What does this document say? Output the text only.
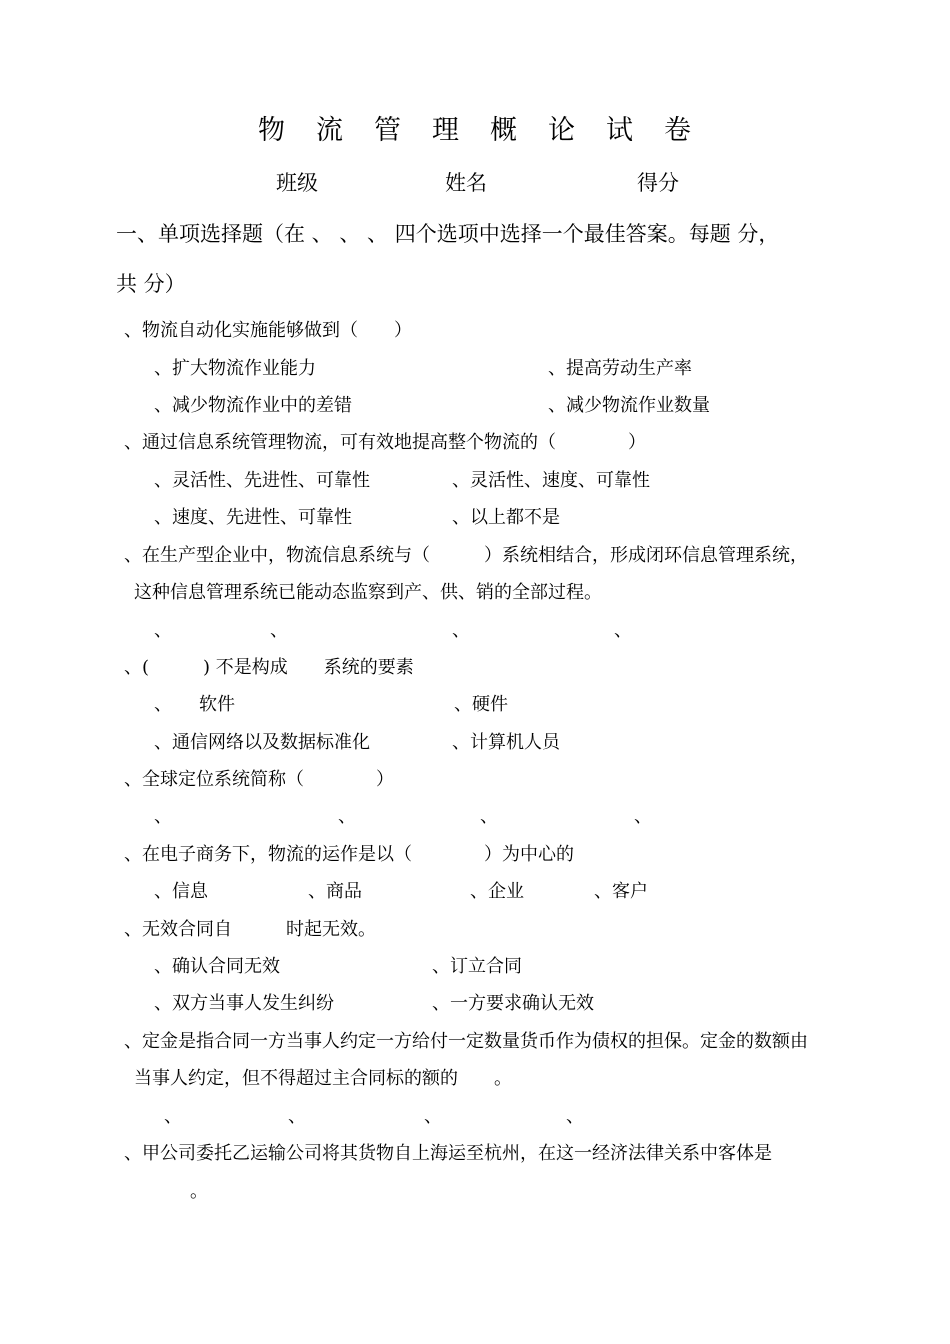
物 流 管 理 概 论 试 卷
班级	姓名	得分
一、单项选择题（在 、 、 、 四个选项中选择一个最佳答案。每题 分，
共 分）
、物流自动化实施能够做到（　　）
、扩大物流作业能力	、提高劳动生产率
、减少物流作业中的差错	、减少物流作业数量
、通过信息系统管理物流，可有效地提高整个物流的（　　　　）
、灵活性、先进性、可靠性	、灵活性、速度、可靠性
、速度、先进性、可靠性	、以上都不是
、在生产型企业中，物流信息系统与（　　　）系统相结合，形成闭环信息管理系统，
这种信息管理系统已能动态监察到产、供、销的全部过程。
、	、	、	、
、(　　　) 不是构成　　系统的要素
、　　软件	、硬件
、通信网络以及数据标准化	、计算机人员
、全球定位系统简称（　　　　）
、	、	、	、
、在电子商务下，物流的运作是以（　　　　）为中心的
、信息	、商品	、企业	、客户
、无效合同自　　　时起无效。
、确认合同无效	、订立合同
、双方当事人发生纠纷	、一方要求确认无效
、定金是指合同一方当事人约定一方给付一定数量货币作为债权的担保。定金的数额由
当事人约定，但不得超过主合同标的额的　　。
、	、	、	、
、甲公司委托乙运输公司将其货物自上海运至杭州，在这一经济法律关系中客体是
。
